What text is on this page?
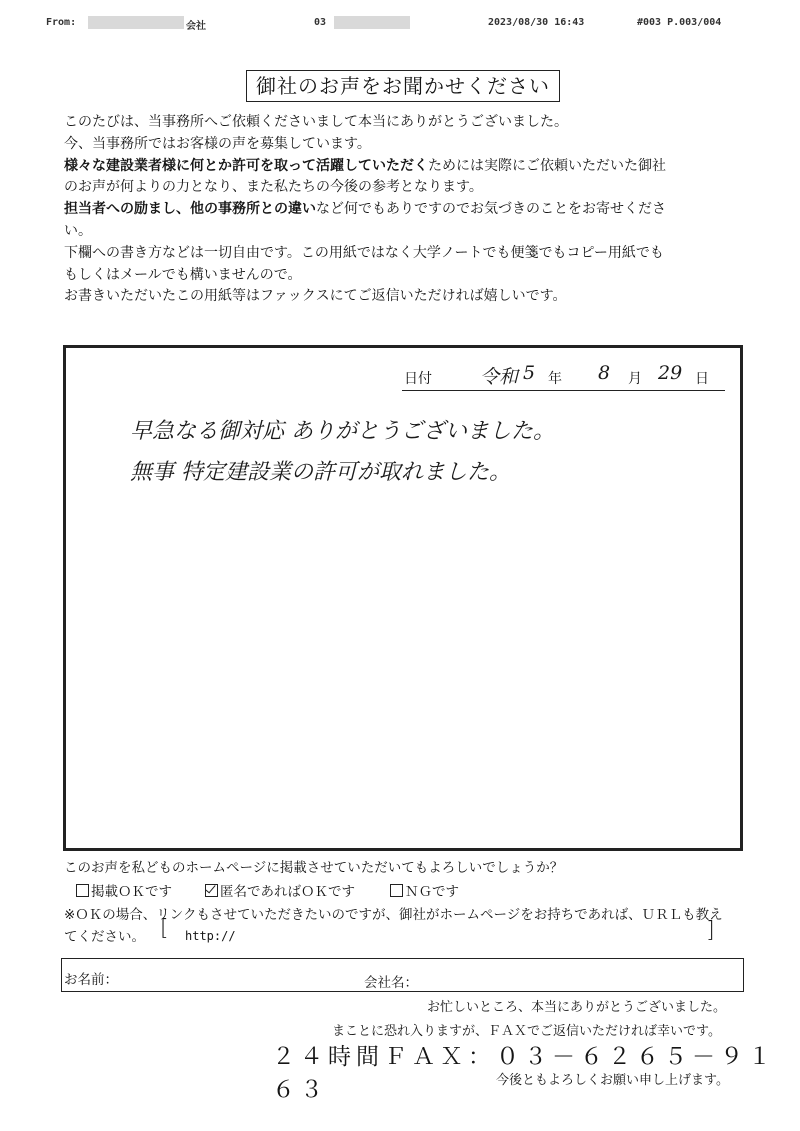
From:	会社	03	2023/08/30 16:43	#003 P.003/004
御社のお声をお聞かせください

このたびは、当事務所へご依頼くださいまして本当にありがとうございました。

今、当事務所ではお客様の声を募集しています。

様々な建設業者様に何とか許可を取って活躍していただくためには実際にご依頼いただいた御社

のお声が何よりの力となり、また私たちの今後の参考となります。

担当者への励まし、他の事務所との違いなど何でもありですのでお気づきのことをお寄せくださ

い。

下欄への書き方などは一切自由です。この用紙ではなく大学ノートでも便箋でもコピー用紙でも

もしくはメールでも構いませんので。

お書きいただいたこの用紙等はファックスにてご返信いただければ嬉しいです。

日付	令和 5 年 8 月 29 日
早急なる御対応 ありがとうございました。
無事 特定建設業の許可が取れました。
このお声を私どものホームページに掲載させていただいてもよろしいでしょうか？
掲載ＯＫです	匿名であればＯＫです	ＮＧです
※ＯＫの場合、リンクもさせていただきたいのですが、御社がホームページをお持ちであれば、ＵＲＬも教え
てください。 [ http://	]
お名前：	会社名：
お忙しいところ、本当にありがとうございました。
まことに恐れ入りますが、ＦＡＸでご返信いただければ幸いです。
２４時間ＦＡＸ：０３－６２６５－９１６３	今後ともよろしくお願い申し上げます。
